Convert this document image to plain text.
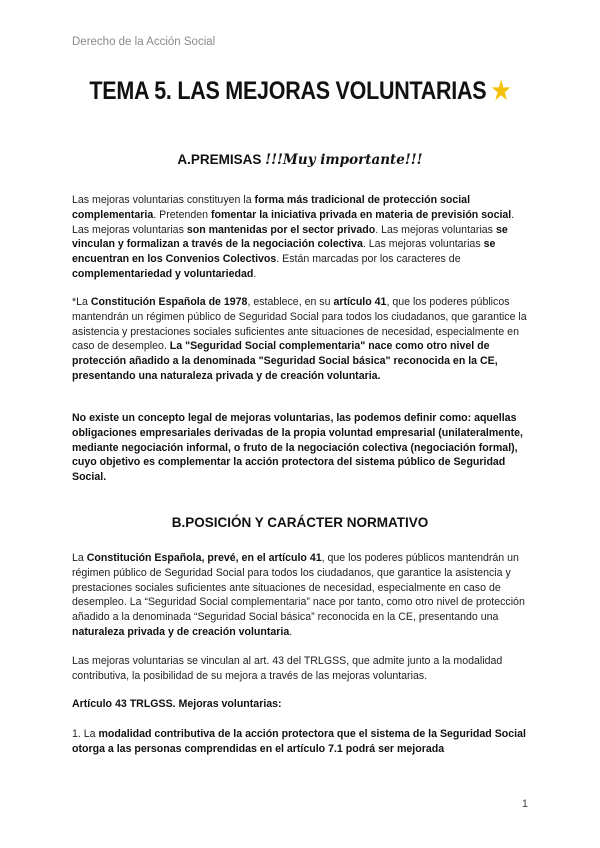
Derecho de la Acción Social
TEMA 5. LAS MEJORAS VOLUNTARIAS ★
A.PREMISAS !!!Muy importante!!!
Las mejoras voluntarias constituyen la forma más tradicional de protección social complementaria. Pretenden fomentar la iniciativa privada en materia de previsión social. Las mejoras voluntarias son mantenidas por el sector privado. Las mejoras voluntarias se vinculan y formalizan a través de la negociación colectiva. Las mejoras voluntarias se encuentran en los Convenios Colectivos. Están marcadas por los caracteres de complementariedad y voluntariedad.
*La Constitución Española de 1978, establece, en su artículo 41, que los poderes públicos mantendrán un régimen público de Seguridad Social para todos los ciudadanos, que garantice la asistencia y prestaciones sociales suficientes ante situaciones de necesidad, especialmente en caso de desempleo. La "Seguridad Social complementaria" nace como otro nivel de protección añadido a la denominada "Seguridad Social básica" reconocida en la CE, presentando una naturaleza privada y de creación voluntaria.
No existe un concepto legal de mejoras voluntarias, las podemos definir como: aquellas obligaciones empresariales derivadas de la propia voluntad empresarial (unilateralmente, mediante negociación informal, o fruto de la negociación colectiva (negociación formal), cuyo objetivo es complementar la acción protectora del sistema público de Seguridad Social.
B.POSICIÓN Y CARÁCTER NORMATIVO
La Constitución Española, prevé, en el artículo 41, que los poderes públicos mantendrán un régimen público de Seguridad Social para todos los ciudadanos, que garantice la asistencia y prestaciones sociales suficientes ante situaciones de necesidad, especialmente en caso de desempleo. La “Seguridad Social complementaria” nace por tanto, como otro nivel de protección añadido a la denominada “Seguridad Social básica” reconocida en la CE, presentando una naturaleza privada y de creación voluntaria.
Las mejoras voluntarias se vinculan al art. 43 del TRLGSS, que admite junto a la modalidad contributiva, la posibilidad de su mejora a través de las mejoras voluntarias.
Artículo 43 TRLGSS. Mejoras voluntarias:
1. La modalidad contributiva de la acción protectora que el sistema de la Seguridad Social otorga a las personas comprendidas en el artículo 7.1 podrá ser mejorada
1
